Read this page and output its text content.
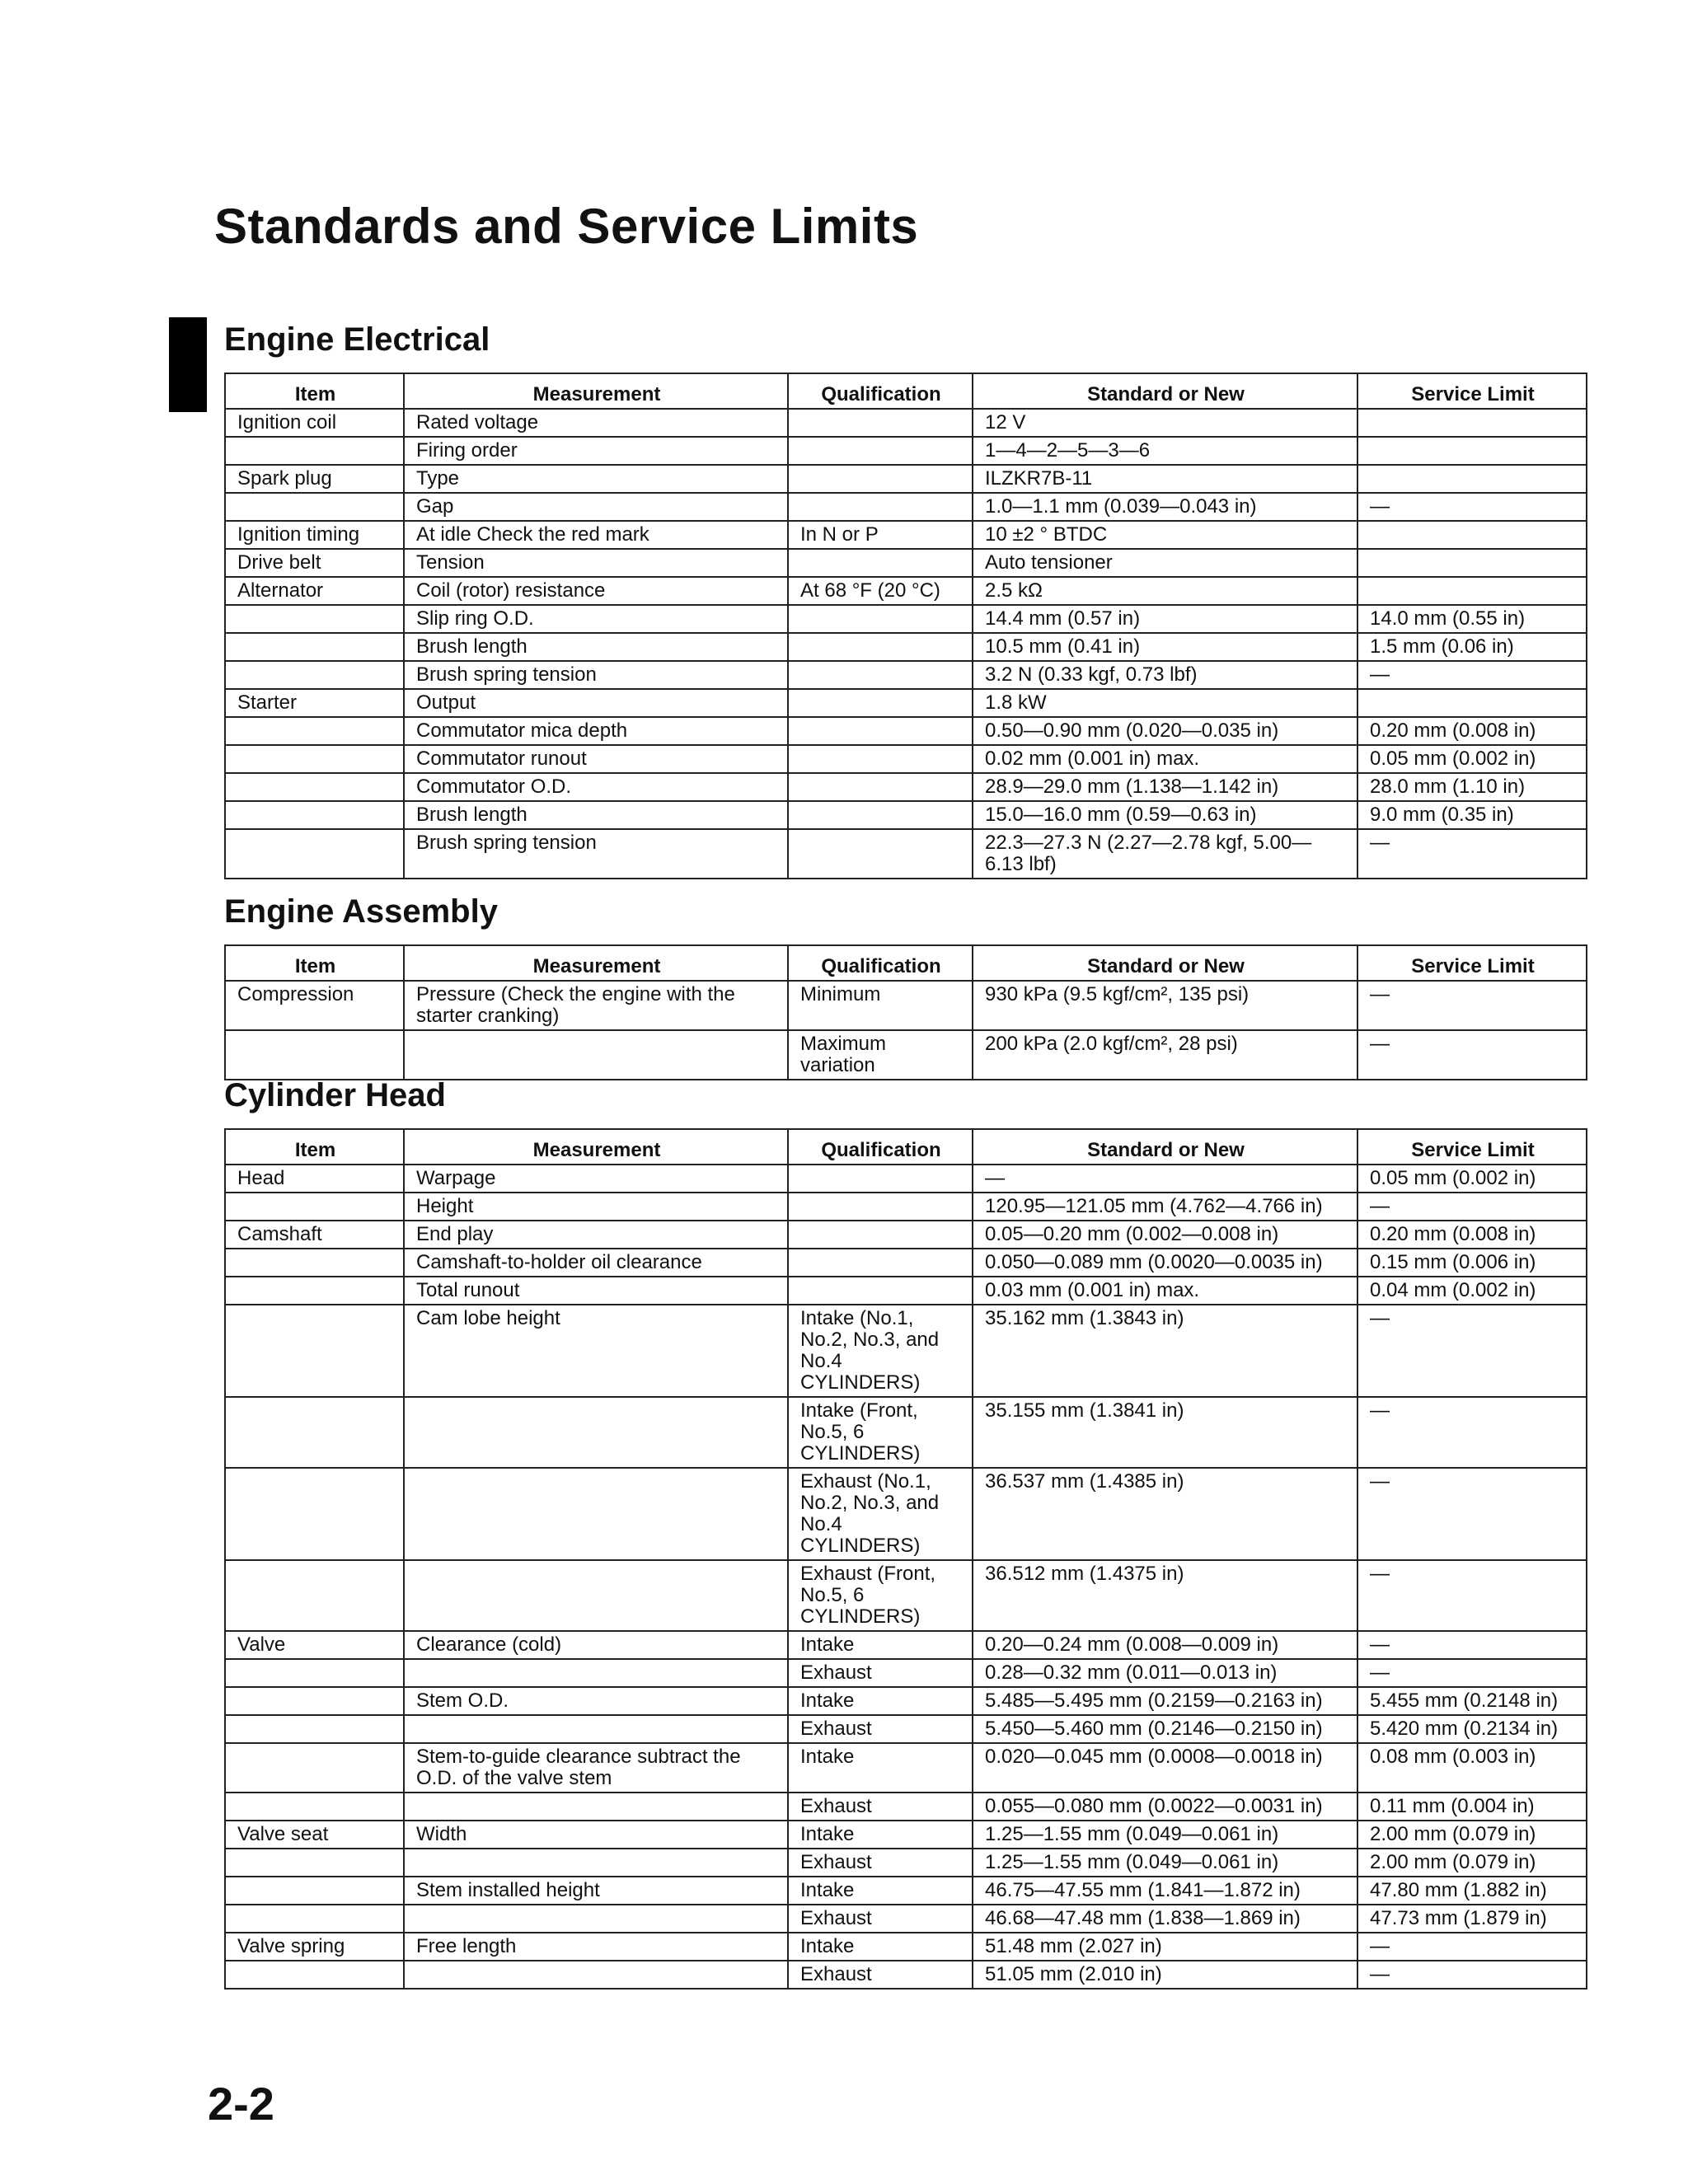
Standards and Service Limits
Engine Electrical
Item	Measurement	Qualification	Standard or New	Service Limit
Ignition coil	Rated voltage		12 V	
	Firing order		1—4—2—5—3—6	
Spark plug	Type		ILZKR7B-11	
	Gap		1.0—1.1 mm (0.039—0.043 in)	—
Ignition timing	At idle Check the red mark	In N or P	10 ±2 ° BTDC	
Drive belt	Tension		Auto tensioner	
Alternator	Coil (rotor) resistance	At 68 °F (20 °C)	2.5 kΩ	
	Slip ring O.D.		14.4 mm (0.57 in)	14.0 mm (0.55 in)
	Brush length		10.5 mm (0.41 in)	1.5 mm (0.06 in)
	Brush spring tension		3.2 N (0.33 kgf, 0.73 lbf)	—
Starter	Output		1.8 kW	
	Commutator mica depth		0.50—0.90 mm (0.020—0.035 in)	0.20 mm (0.008 in)
	Commutator runout		0.02 mm (0.001 in) max.	0.05 mm (0.002 in)
	Commutator O.D.		28.9—29.0 mm (1.138—1.142 in)	28.0 mm (1.10 in)
	Brush length		15.0—16.0 mm (0.59—0.63 in)	9.0 mm (0.35 in)
	Brush spring tension		22.3—27.3 N (2.27—2.78 kgf, 5.00— 6.13 lbf)	—
Engine Assembly
Item	Measurement	Qualification	Standard or New	Service Limit
Compression	Pressure (Check the engine with the starter cranking)	Minimum	930 kPa (9.5 kgf/cm², 135 psi)	—
		Maximum variation	200 kPa (2.0 kgf/cm², 28 psi)	—
Cylinder Head
Item	Measurement	Qualification	Standard or New	Service Limit
Head	Warpage		—	0.05 mm (0.002 in)
	Height		120.95—121.05 mm (4.762—4.766 in)	—
Camshaft	End play		0.05—0.20 mm (0.002—0.008 in)	0.20 mm (0.008 in)
	Camshaft-to-holder oil clearance		0.050—0.089 mm (0.0020—0.0035 in)	0.15 mm (0.006 in)
	Total runout		0.03 mm (0.001 in) max.	0.04 mm (0.002 in)
	Cam lobe height	Intake (No.1, No.2, No.3, and No.4 CYLINDERS)	35.162 mm (1.3843 in)	—
		Intake (Front, No.5, 6 CYLINDERS)	35.155 mm (1.3841 in)	—
		Exhaust (No.1, No.2, No.3, and No.4 CYLINDERS)	36.537 mm (1.4385 in)	—
		Exhaust (Front, No.5, 6 CYLINDERS)	36.512 mm (1.4375 in)	—
Valve	Clearance (cold)	Intake	0.20—0.24 mm (0.008—0.009 in)	—
		Exhaust	0.28—0.32 mm (0.011—0.013 in)	—
	Stem O.D.	Intake	5.485—5.495 mm (0.2159—0.2163 in)	5.455 mm (0.2148 in)
		Exhaust	5.450—5.460 mm (0.2146—0.2150 in)	5.420 mm (0.2134 in)
	Stem-to-guide clearance subtract the O.D. of the valve stem	Intake	0.020—0.045 mm (0.0008—0.0018 in)	0.08 mm (0.003 in)
		Exhaust	0.055—0.080 mm (0.0022—0.0031 in)	0.11 mm (0.004 in)
Valve seat	Width	Intake	1.25—1.55 mm (0.049—0.061 in)	2.00 mm (0.079 in)
		Exhaust	1.25—1.55 mm (0.049—0.061 in)	2.00 mm (0.079 in)
	Stem installed height	Intake	46.75—47.55 mm (1.841—1.872 in)	47.80 mm (1.882 in)
		Exhaust	46.68—47.48 mm (1.838—1.869 in)	47.73 mm (1.879 in)
Valve spring	Free length	Intake	51.48 mm (2.027 in)	—
		Exhaust	51.05 mm (2.010 in)	—
2-2
